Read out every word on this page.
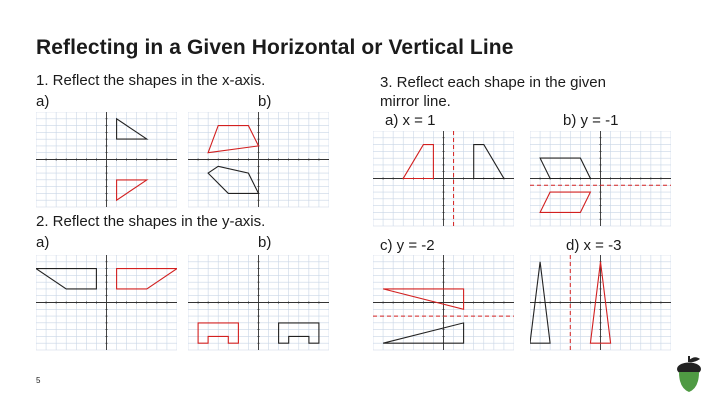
Reflecting in a Given Horizontal or Vertical Line
1. Reflect the shapes in the x-axis.
a)	b)
2. Reflect the shapes in the y-axis.
a)	b)
3. Reflect each shape in the given
mirror line.
a) x = 1	b) y = -1
c) y = -2	d) x = -3
5
